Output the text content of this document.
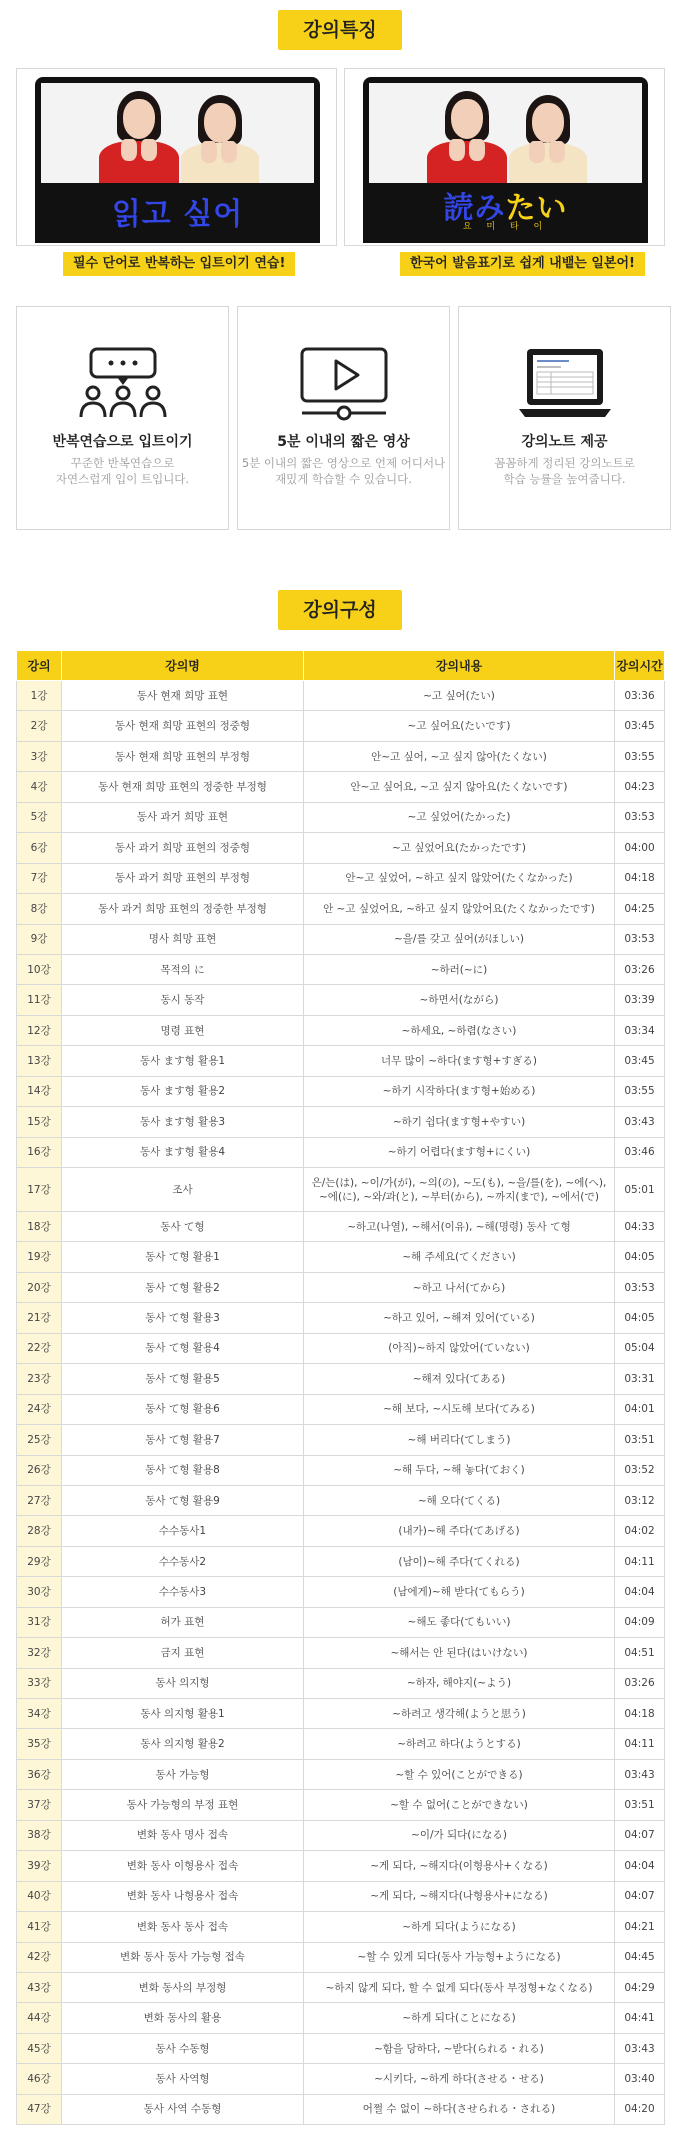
강의특징
읽고 싶어	読みたい
요 미 타 이
필수 단어로 반복하는 입트이기 연습!	한국어 발음표기로 쉽게 내뱉는 일본어!
반복연습으로 입트이기
꾸준한 반복연습으로
자연스럽게 입이 트입니다.
5분 이내의 짧은 영상
5분 이내의 짧은 영상으로 언제 어디서나
재밌게 학습할 수 있습니다.
강의노트 제공
꼼꼼하게 정리된 강의노트로
학습 능률을 높여줍니다.
강의구성
강의	강의명	강의내용	강의시간
1강	동사 현재 희망 표현	~고 싶어(たい)	03:36
2강	동사 현재 희망 표현의 정중형	~고 싶어요(たいです)	03:45
3강	동사 현재 희망 표현의 부정형	안~고 싶어, ~고 싶지 않아(たくない)	03:55
4강	동사 현재 희망 표현의 정중한 부정형	안~고 싶어요, ~고 싶지 않아요(たくないです)	04:23
5강	동사 과거 희망 표현	~고 싶었어(たかった)	03:53
6강	동사 과거 희망 표현의 정중형	~고 싶었어요(たかったです)	04:00
7강	동사 과거 희망 표현의 부정형	안~고 싶었어, ~하고 싶지 않았어(たくなかった)	04:18
8강	동사 과거 희망 표현의 정중한 부정형	안 ~고 싶었어요, ~하고 싶지 않았어요(たくなかったです)	04:25
9강	명사 희망 표현	~을/를 갖고 싶어(がほしい)	03:53
10강	목적의 に	~하러(~に)	03:26
11강	동시 동작	~하면서(ながら)	03:39
12강	명령 표현	~하세요, ~하렴(なさい)	03:34
13강	동사 ます형 활용1	너무 많이 ~하다(ます형+すぎる)	03:45
14강	동사 ます형 활용2	~하기 시작하다(ます형+始める)	03:55
15강	동사 ます형 활용3	~하기 쉽다(ます형+やすい)	03:43
16강	동사 ます형 활용4	~하기 어렵다(ます형+にくい)	03:46
17강	조사	은/는(は), ~이/가(が), ~의(の), ~도(も), ~을/를(を), ~에(へ), ~에(に), ~와/과(と), ~부터(から), ~까지(まで), ~에서(で)	05:01
18강	동사 て형	~하고(나열), ~해서(이유), ~해(명령) 동사 て형	04:33
19강	동사 て형 활용1	~해 주세요(てください)	04:05
20강	동사 て형 활용2	~하고 나서(てから)	03:53
21강	동사 て형 활용3	~하고 있어, ~해져 있어(ている)	04:05
22강	동사 て형 활용4	(아직)~하지 않았어(ていない)	05:04
23강	동사 て형 활용5	~해져 있다(てある)	03:31
24강	동사 て형 활용6	~해 보다, ~시도해 보다(てみる)	04:01
25강	동사 て형 활용7	~해 버리다(てしまう)	03:51
26강	동사 て형 활용8	~해 두다, ~해 놓다(ておく)	03:52
27강	동사 て형 활용9	~해 오다(てくる)	03:12
28강	수수동사1	(내가)~해 주다(てあげる)	04:02
29강	수수동사2	(남이)~해 주다(てくれる)	04:11
30강	수수동사3	(남에게)~해 받다(てもらう)	04:04
31강	허가 표현	~해도 좋다(てもいい)	04:09
32강	금지 표현	~해서는 안 된다(はいけない)	04:51
33강	동사 의지형	~하자, 해야지(~よう)	03:26
34강	동사 의지형 활용1	~하려고 생각해(ようと思う)	04:18
35강	동사 의지형 활용2	~하려고 하다(ようとする)	04:11
36강	동사 가능형	~할 수 있어(ことができる)	03:43
37강	동사 가능형의 부정 표현	~할 수 없어(ことができない)	03:51
38강	변화 동사 명사 접속	~이/가 되다(になる)	04:07
39강	변화 동사 이형용사 접속	~게 되다, ~해지다(이형용사+くなる)	04:04
40강	변화 동사 나형용사 접속	~게 되다, ~해지다(나형용사+になる)	04:07
41강	변화 동사 동사 접속	~하게 되다(ようになる)	04:21
42강	변화 동사 동사 가능형 접속	~할 수 있게 되다(동사 가능형+ようになる)	04:45
43강	변화 동사의 부정형	~하지 않게 되다, 할 수 없게 되다(동사 부정형+なくなる)	04:29
44강	변화 동사의 활용	~하게 되다(ことになる)	04:41
45강	동사 수동형	~함을 당하다, ~받다(られる・れる)	03:43
46강	동사 사역형	~시키다, ~하게 하다(させる・せる)	03:40
47강	동사 사역 수동형	어쩔 수 없이 ~하다(させられる・される)	04:20
